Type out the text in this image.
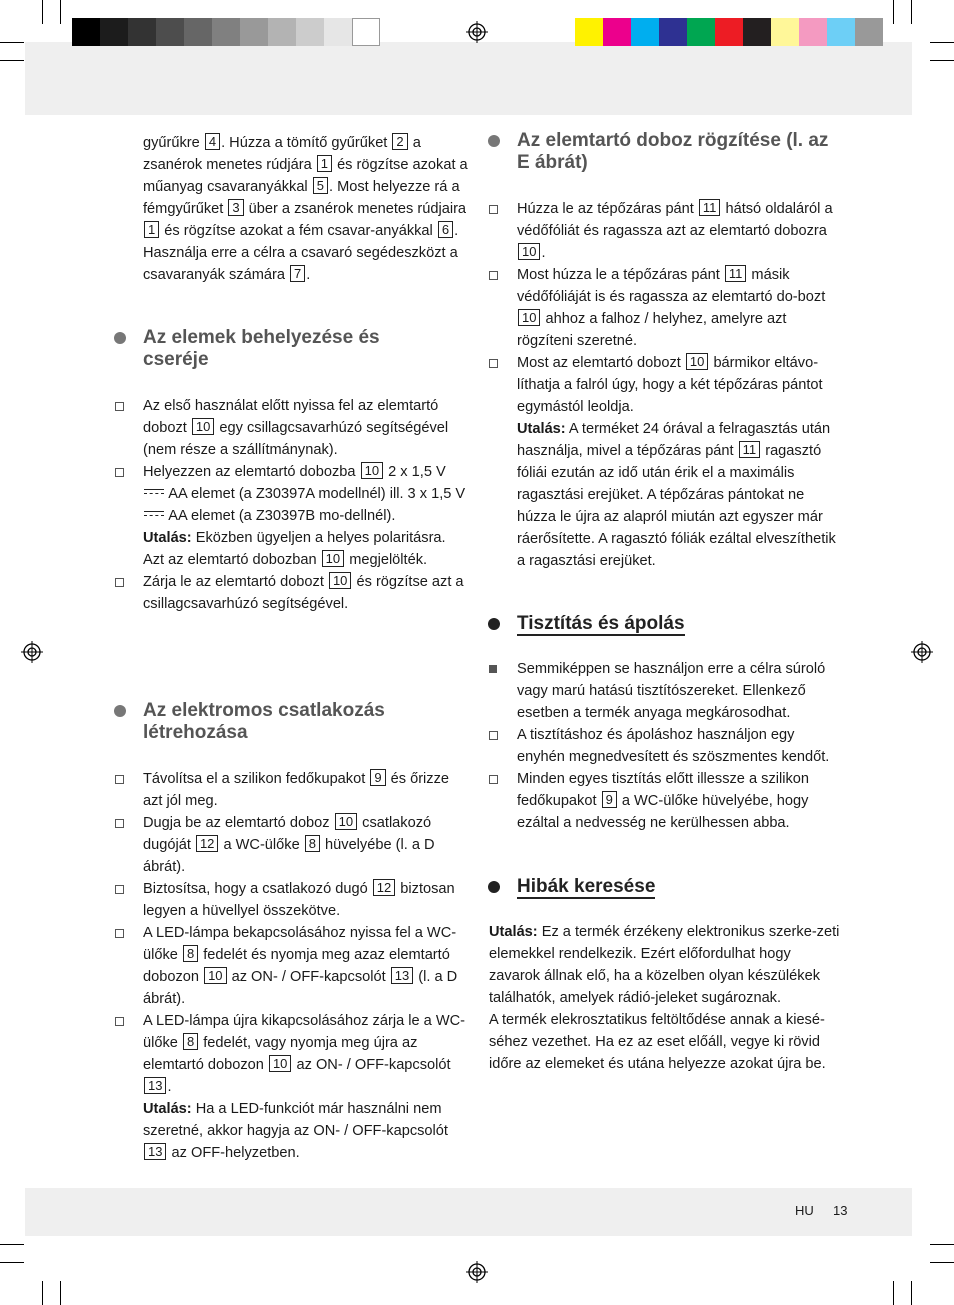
gyűrűkre 4 . Húzza a tömítő gyűrűket 2 a zsanérok menetes rúdjára 1 és rögzítse azokat a műanyag csavaranyákkal 5 . Most helyezze rá a fémgyűrűket 3 über a zsanérok menetes rúdjaira 1 és rögzítse azokat a fém csavar-anyákkal 6 . Használja erre a célra a csavaró segédeszközt a csavaranyák számára 7 .

Az elemek behelyezése és cseréje
Az első használat előtt nyissa fel az elemtartó dobozt 10 egy csillagcsavarhúzó segítségével (nem része a szállítmánynak).
Helyezzen az elemtartó dobozba 10 2 x 1,5 V  AA elemet (a Z30397A modellnél) ill. 3 x 1,5 V  AA elemet (a Z30397B mo-dellnél).
Utalás: Eközben ügyeljen a helyes polaritásra. Azt az elemtartó dobozban 10 megjelölték.
Zárja le az elemtartó dobozt 10 és rögzítse azt a csillagcsavarhúzó segítségével.
Az elektromos csatlakozás létrehozása
Távolítsa el a szilikon fedőkupakot 9 és őrizze azt jól meg.
Dugja be az elemtartó doboz 10 csatlakozó dugóját 12 a WC-ülőke 8 hüvelyébe (l. a D ábrát).
Biztosítsa, hogy a csatlakozó dugó 12 biztosan legyen a hüvellyel összekötve.
A LED-lámpa bekapcsolásához nyissa fel a WC-ülőke 8 fedelét és nyomja meg azaz elemtartó dobozon 10 az ON- / OFF-kapcsolót 13 (l. a D ábrát).
A LED-lámpa újra kikapcsolásához zárja le a WC-ülőke 8 fedelét, vagy nyomja meg újra az elemtartó dobozon 10 az ON- / OFF-kapcsolót 13 .
Utalás: Ha a LED-funkciót már használni nem szeretné, akkor hagyja az ON- / OFF-kapcsolót 13 az OFF-helyzetben.
Az elemtartó doboz rögzítése (l. az E ábrát)
Húzza le az tépőzáras pánt 11 hátsó oldaláról a védőfóliát és ragassza azt az elemtartó dobozra 10 .
Most húzza le a tépőzáras pánt 11 másik védőfóliáját is és ragassza az elemtartó do-bozt 10 ahhoz a falhoz / helyhez, amelyre azt rögzíteni szeretné.
Most az elemtartó dobozt 10 bármikor eltávo-líthatja a falról úgy, hogy a két tépőzáras pántot egymástól leoldja.
Utalás: A terméket 24 órával a felragasztás után használja, mivel a tépőzáras pánt 11 ragasztó fóliái ezután az idő után érik el a maximális ragasztási erejüket. A tépőzáras pántokat ne húzza le újra az alapról miután azt egyszer már ráerősítette. A ragasztó fóliák ezáltal elveszíthetik a ragasztási erejüket.
Tisztítás és ápolás
Semmiképpen se használjon erre a célra súroló vagy marú hatású tisztítószereket. Ellenkező esetben a termék anyaga megkárosodhat.
A tisztításhoz és ápoláshoz használjon egy enyhén megnedvesített és szöszmentes kendőt.
Minden egyes tisztítás előtt illessze a szilikon fedőkupakot 9 a WC-ülőke hüvelyébe, hogy ezáltal a nedvesség ne kerülhessen abba.
Hibák keresése

Utalás: Ez a termék érzékeny elektronikus szerke-zeti elemekkel rendelkezik. Ezért előfordulhat hogy zavarok állnak elő, ha a közelben olyan készülékek találhatók, amelyek rádió-jeleket sugároznak.
A termék elekrosztatikus feltöltődése annak a kiesé-séhez vezethet. Ha ez az eset előáll, vegye ki rövid időre az elemeket és utána helyezze azokat újra be.

HU 13
